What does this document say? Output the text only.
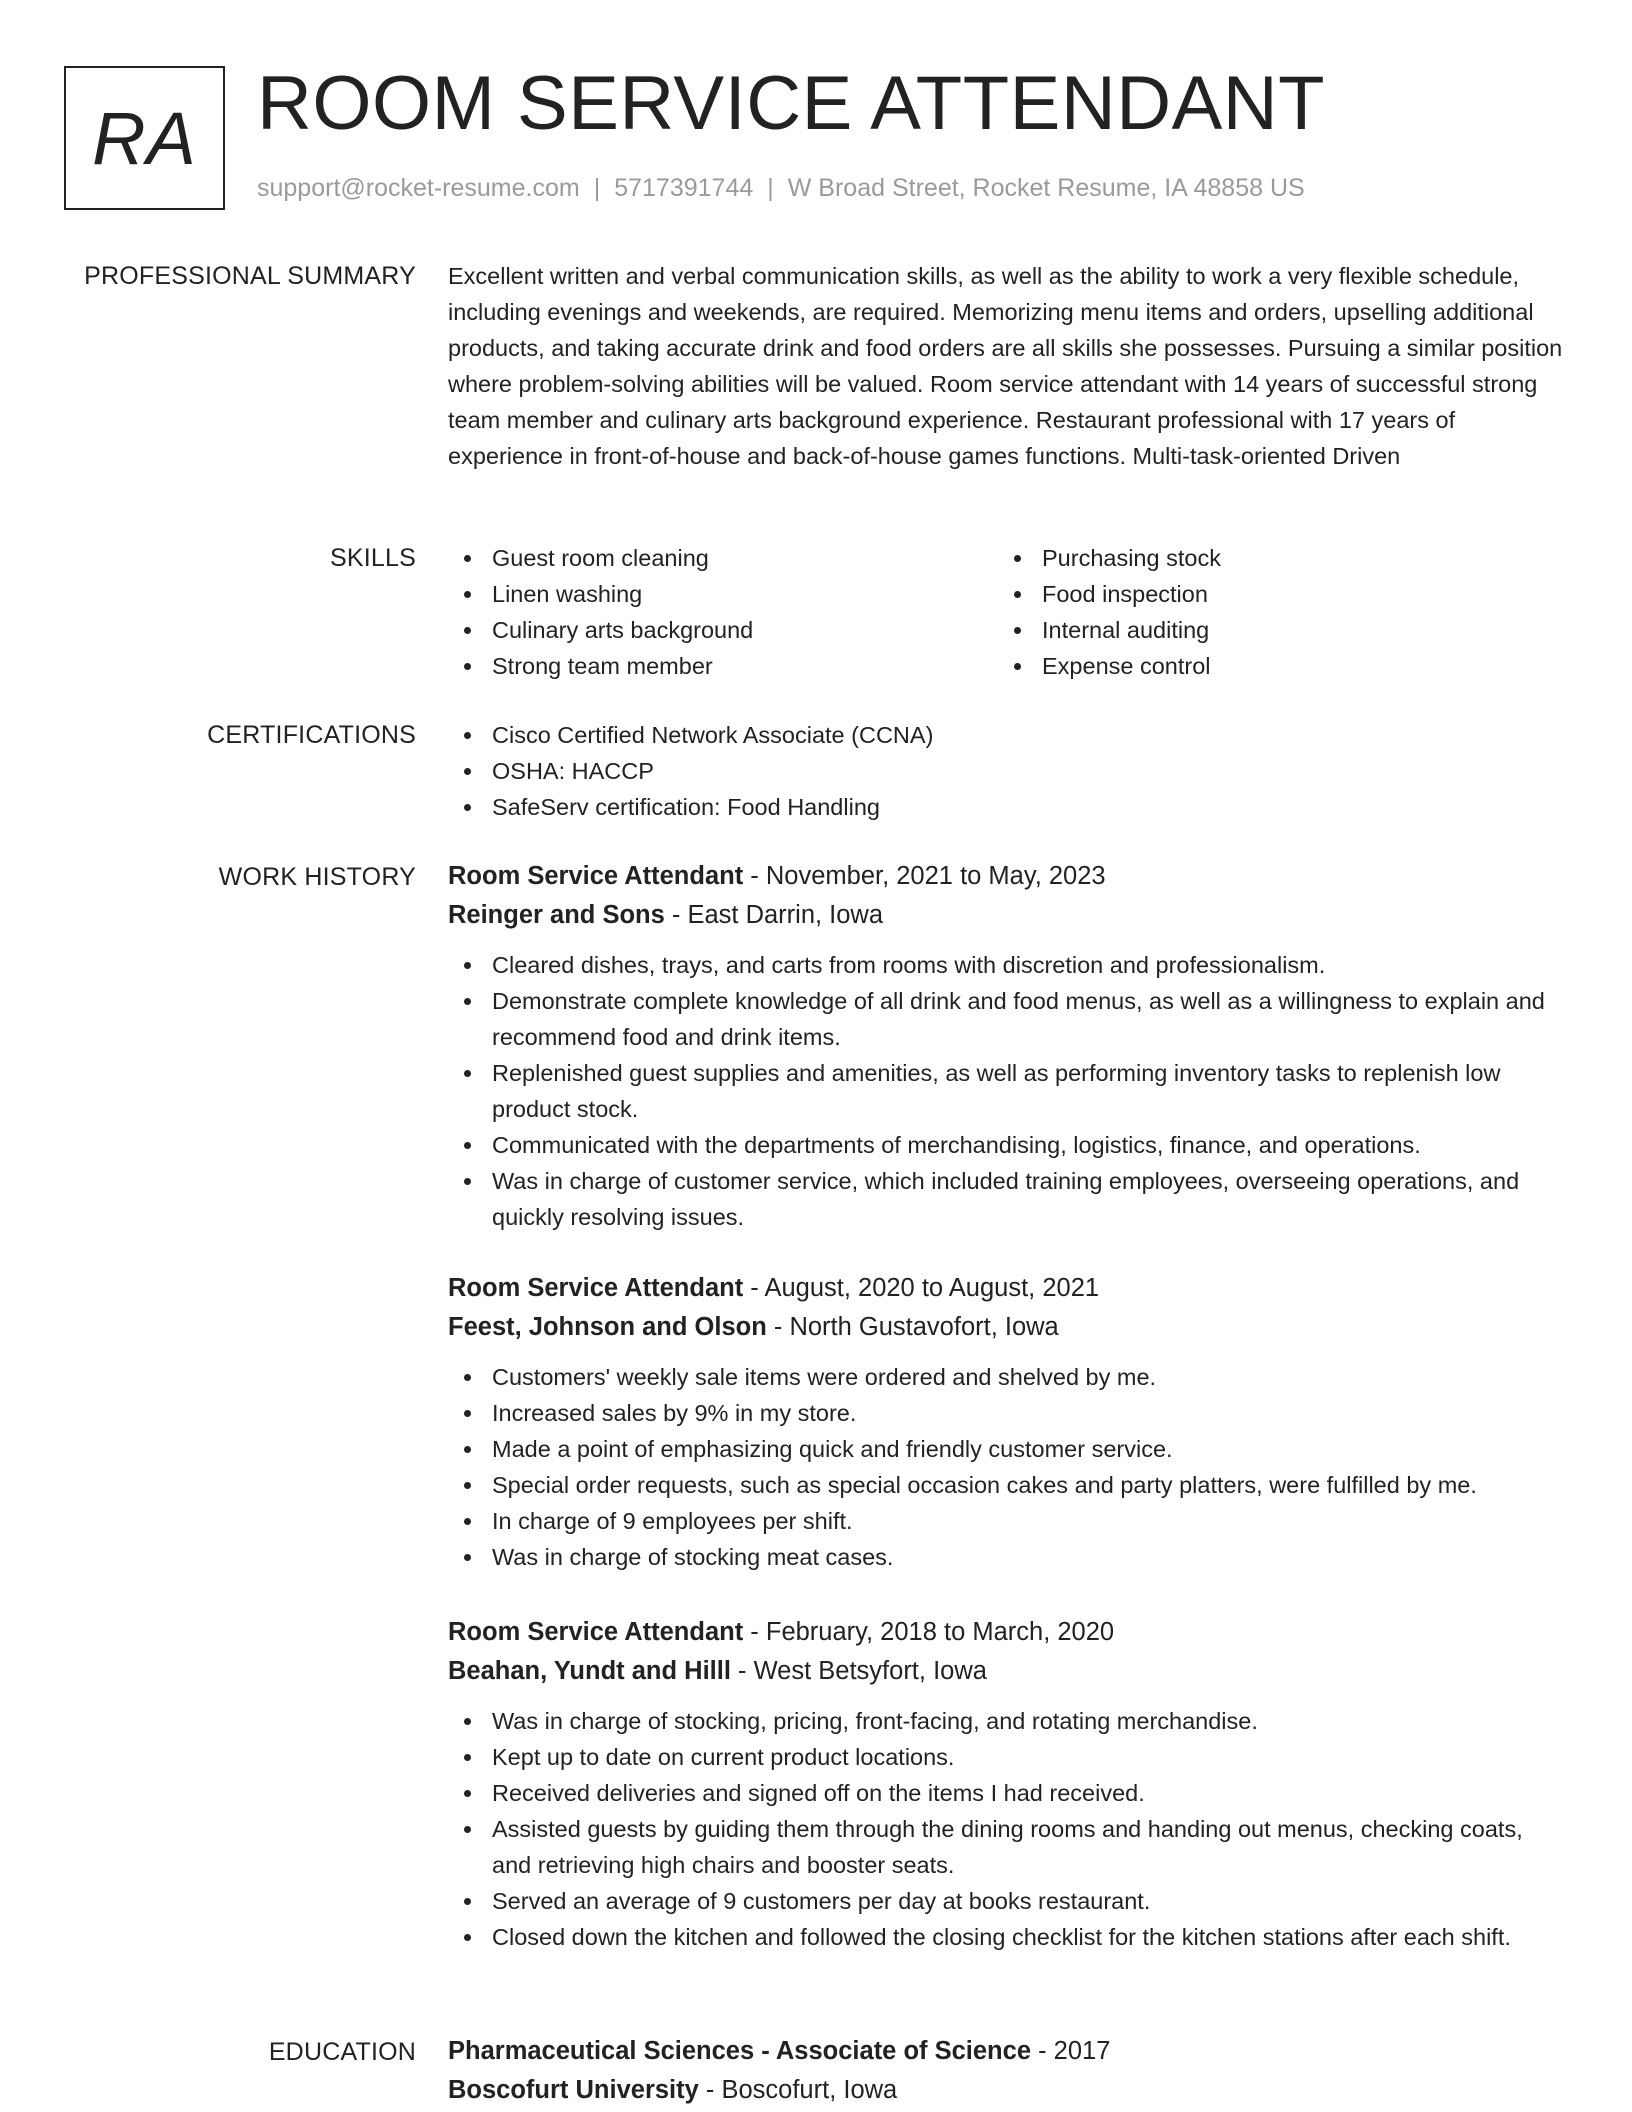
RA ROOM SERVICE ATTENDANT
support@rocket-resume.com | 5717391744 | W Broad Street, Rocket Resume, IA 48858 US
PROFESSIONAL SUMMARY Excellent written and verbal communication skills, as well as the ability to work a very flexible schedule, including evenings and weekends, are required. Memorizing menu items and orders, upselling additional products, and taking accurate drink and food orders are all skills she possesses. Pursuing a similar position where problem-solving abilities will be valued. Room service attendant with 14 years of successful strong team member and culinary arts background experience. Restaurant professional with 17 years of experience in front-of-house and back-of-house games functions. Multi-task-oriented Driven
SKILLS	Guest room cleaning
Linen washing
Culinary arts background
Strong team member
Purchasing stock
Food inspection
Internal auditing
Expense control
CERTIFICATIONS	Cisco Certified Network Associate (CCNA)
OSHA: HACCP
SafeServ certification: Food Handling
WORK HISTORY Room Service Attendant - November, 2021 to May, 2023
Reinger and Sons - East Darrin, Iowa
Cleared dishes, trays, and carts from rooms with discretion and professionalism.
Demonstrate complete knowledge of all drink and food menus, as well as a willingness to explain and recommend food and drink items.
Replenished guest supplies and amenities, as well as performing inventory tasks to replenish low product stock.
Communicated with the departments of merchandising, logistics, finance, and operations.
Was in charge of customer service, which included training employees, overseeing operations, and quickly resolving issues.
Room Service Attendant - August, 2020 to August, 2021
Feest, Johnson and Olson - North Gustavofort, Iowa
Customers' weekly sale items were ordered and shelved by me.
Increased sales by 9% in my store.
Made a point of emphasizing quick and friendly customer service.
Special order requests, such as special occasion cakes and party platters, were fulfilled by me.
In charge of 9 employees per shift.
Was in charge of stocking meat cases.
Room Service Attendant - February, 2018 to March, 2020
Beahan, Yundt and Hilll - West Betsyfort, Iowa
Was in charge of stocking, pricing, front-facing, and rotating merchandise.
Kept up to date on current product locations.
Received deliveries and signed off on the items I had received.
Assisted guests by guiding them through the dining rooms and handing out menus, checking coats, and retrieving high chairs and booster seats.
Served an average of 9 customers per day at books restaurant.
Closed down the kitchen and followed the closing checklist for the kitchen stations after each shift.
EDUCATION Pharmaceutical Sciences - Associate of Science - 2017
Boscofurt University - Boscofurt, Iowa
